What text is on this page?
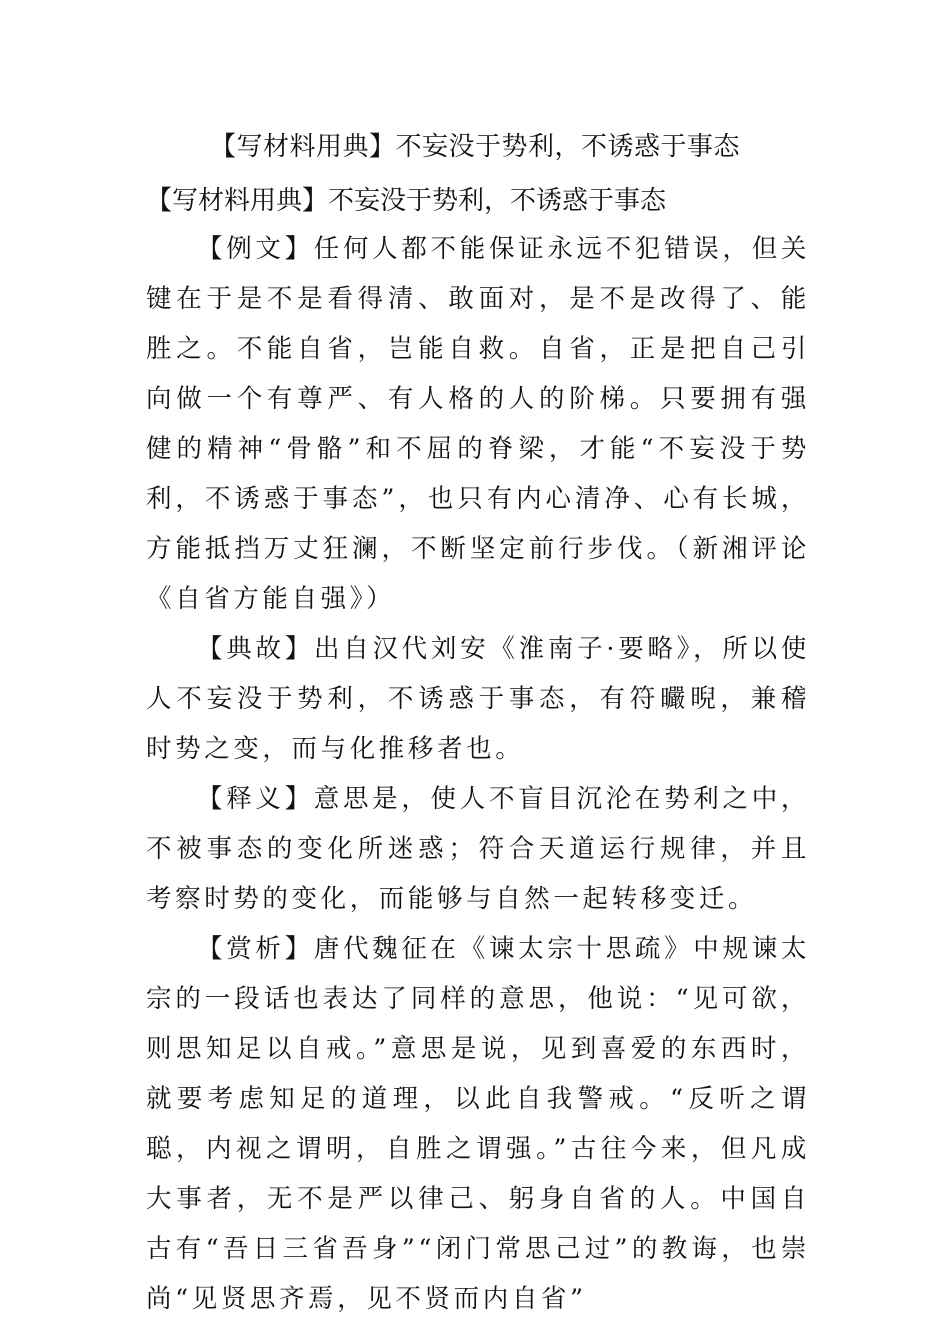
【写材料用典】不妄没于势利，不诱惑于事态
【写材料用典】不妄没于势利，不诱惑于事态

【例文】任何人都不能保证永远不犯错误，但关键在于是不是看得清、敢面对，是不是改得了、能胜之。不能自省，岂能自救。自省，正是把自己引向做一个有尊严、有人格的人的阶梯。只要拥有强健的精神“骨骼”和不屈的脊梁，才能“不妄没于势利，不诱惑于事态”，也只有内心清净、心有长城，方能抵挡万丈狂澜，不断坚定前行步伐。（新湘评论《自省方能自强》）

【典故】出自汉代刘安《淮南子·要略》，所以使人不妄没于势利，不诱惑于事态，有符曮晲，兼稽时势之变，而与化推移者也。

【释义】意思是，使人不盲目沉沦在势利之中，不被事态的变化所迷惑；符合天道运行规律，并且考察时势的变化，而能够与自然一起转移变迁。

【赏析】唐代魏征在《谏太宗十思疏》中规谏太宗的一段话也表达了同样的意思，他说：“见可欲，则思知足以自戒。”意思是说，见到喜爱的东西时，就要考虑知足的道理，以此自我警戒。“反听之谓聪，内视之谓明，自胜之谓强。”古往今来，但凡成大事者，无不是严以律己、躬身自省的人。中国自古有“吾日三省吾身”“闭门常思己过”的教诲，也崇尚“见贤思齐焉，见不贤而内自省”
